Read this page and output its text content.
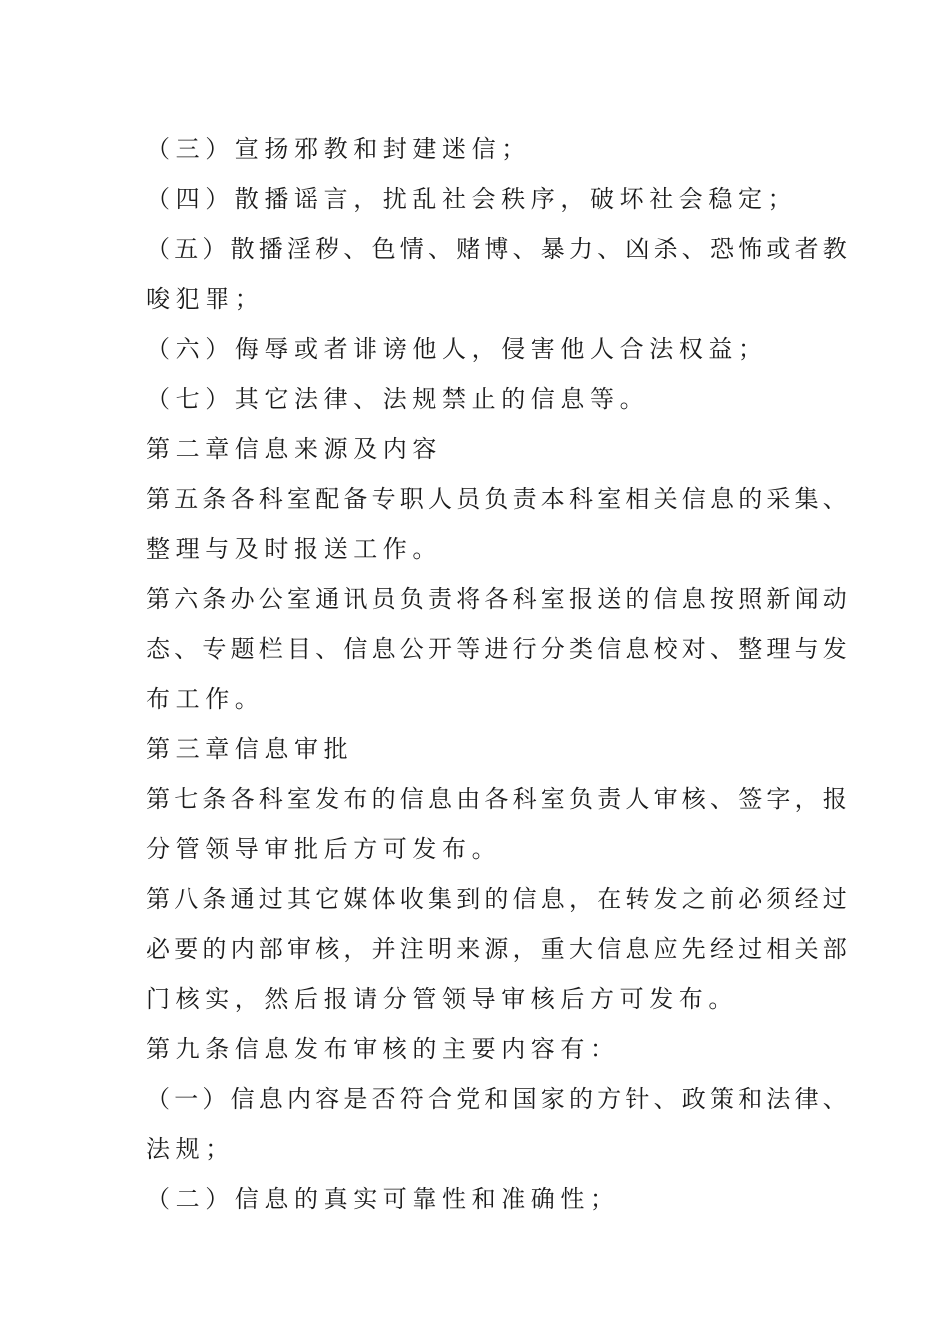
（三）宣扬邪教和封建迷信；
（四）散播谣言，扰乱社会秩序，破坏社会稳定；
（五）散播淫秽、色情、赌博、暴力、凶杀、恐怖或者教
唆犯罪；
（六）侮辱或者诽谤他人，侵害他人合法权益；
（七）其它法律、法规禁止的信息等。
第二章信息来源及内容
第五条各科室配备专职人员负责本科室相关信息的采集、
整理与及时报送工作。
第六条办公室通讯员负责将各科室报送的信息按照新闻动
态、专题栏目、信息公开等进行分类信息校对、整理与发
布工作。
第三章信息审批
第七条各科室发布的信息由各科室负责人审核、签字，报
分管领导审批后方可发布。
第八条通过其它媒体收集到的信息，在转发之前必须经过
必要的内部审核，并注明来源，重大信息应先经过相关部
门核实，然后报请分管领导审核后方可发布。
第九条信息发布审核的主要内容有：
（一）信息内容是否符合党和国家的方针、政策和法律、
法规；
（二）信息的真实可靠性和准确性；
